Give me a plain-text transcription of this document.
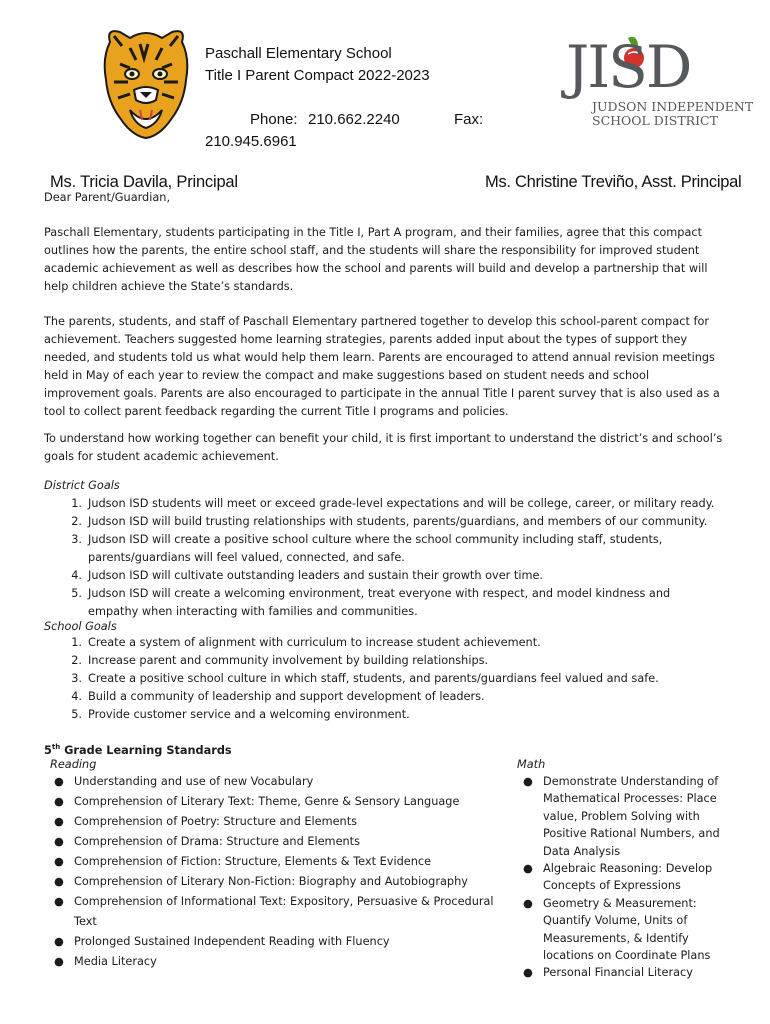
Paschall Elementary School
Title I Parent Compact 2022-2023
Phone: 210.662.2240	Fax:
210.945.6961
JISD
JUDSON INDEPENDENT
SCHOOL DISTRICT
Ms. Tricia Davila, Principal	Ms. Christine Treviño, Asst. Principal
Dear Parent/Guardian,
Paschall Elementary, students participating in the Title I, Part A program, and their families, agree that this compact outlines how the parents, the entire school staff, and the students will share the responsibility for improved student academic achievement as well as describes how the school and parents will build and develop a partnership that will help children achieve the State’s standards.
The parents, students, and staff of Paschall Elementary partnered together to develop this school-parent compact for achievement. Teachers suggested home learning strategies, parents added input about the types of support they needed, and students told us what would help them learn. Parents are encouraged to attend annual revision meetings held in May of each year to review the compact and make suggestions based on student needs and school improvement goals. Parents are also encouraged to participate in the annual Title I parent survey that is also used as a tool to collect parent feedback regarding the current Title I programs and policies.
To understand how working together can benefit your child, it is first important to understand the district’s and school’s goals for student academic achievement.
District Goals
1. Judson ISD students will meet or exceed grade-level expectations and will be college, career, or military ready.
2. Judson ISD will build trusting relationships with students, parents/guardians, and members of our community.
3. Judson ISD will create a positive school culture where the school community including staff, students, parents/guardians will feel valued, connected, and safe.
4. Judson ISD will cultivate outstanding leaders and sustain their growth over time.
5. Judson ISD will create a welcoming environment, treat everyone with respect, and model kindness and empathy when interacting with families and communities.
School Goals
1. Create a system of alignment with curriculum to increase student achievement.
2. Increase parent and community involvement by building relationships.
3. Create a positive school culture in which staff, students, and parents/guardians feel valued and safe.
4. Build a community of leadership and support development of leaders.
5. Provide customer service and a welcoming environment.
5th Grade Learning Standards
Reading
● Understanding and use of new Vocabulary
● Comprehension of Literary Text: Theme, Genre & Sensory Language
● Comprehension of Poetry: Structure and Elements
● Comprehension of Drama: Structure and Elements
● Comprehension of Fiction: Structure, Elements & Text Evidence
● Comprehension of Literary Non-Fiction: Biography and Autobiography
● Comprehension of Informational Text: Expository, Persuasive & Procedural Text
● Prolonged Sustained Independent Reading with Fluency
● Media Literacy
Math
● Demonstrate Understanding of Mathematical Processes: Place value, Problem Solving with Positive Rational Numbers, and Data Analysis
● Algebraic Reasoning: Develop Concepts of Expressions
● Geometry & Measurement: Quantify Volume, Units of Measurements, & Identify locations on Coordinate Plans
● Personal Financial Literacy
